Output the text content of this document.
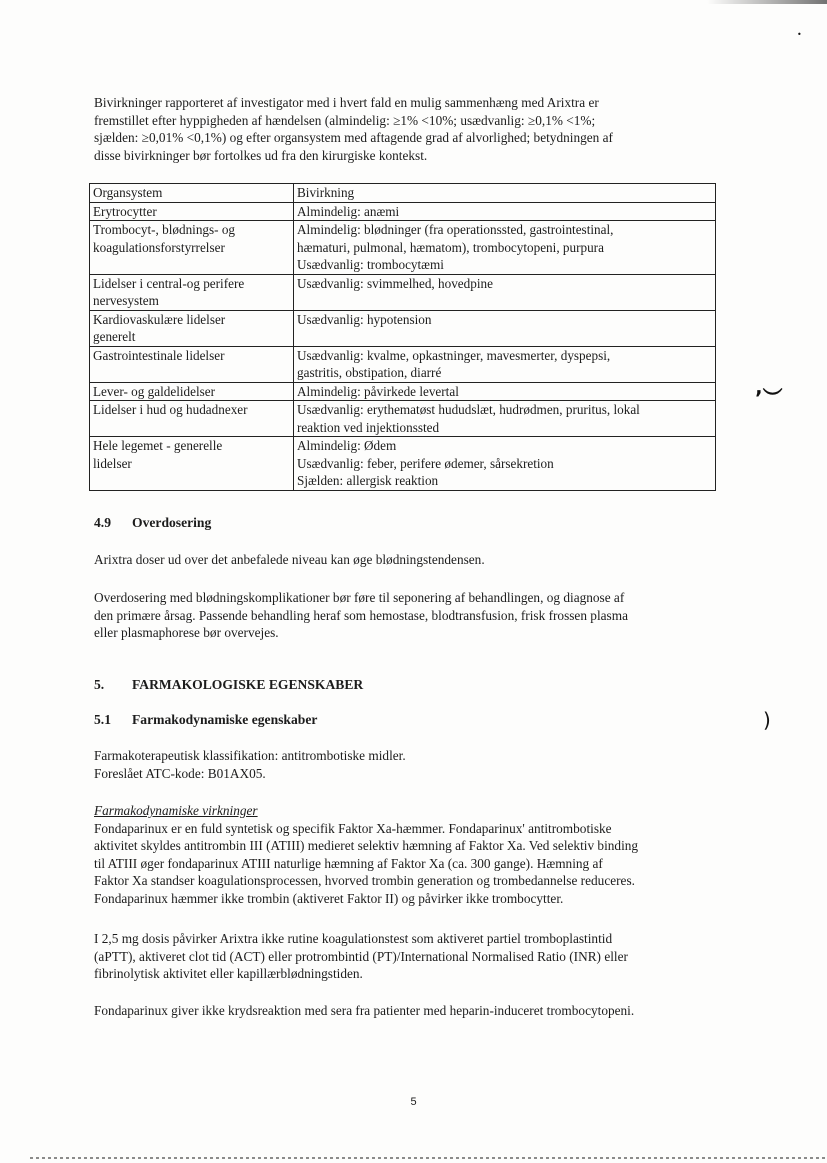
•
ʼ︶
)

Bivirkninger rapporteret af investigator med i hvert fald en mulig sammenhæng med Arixtra er
fremstillet efter hyppigheden af hændelsen (almindelig: ≥1% <10%; usædvanlig: ≥0,1% <1%;
sjælden: ≥0,01% <0,1%) og efter organsystem med aftagende grad af alvorlighed; betydningen af
disse bivirkninger bør fortolkes ud fra den kirurgiske kontekst.

Organsystem	Bivirkning

Erytrocytter	Almindelig: anæmi

Trombocyt-, blødnings- og
koagulationsforstyrrelser	Almindelig: blødninger (fra operationssted, gastrointestinal,
hæmaturi, pulmonal, hæmatom), trombocytopeni, purpura
Usædvanlig: trombocytæmi

Lidelser i central-og perifere
nervesystem	Usædvanlig: svimmelhed, hovedpine

Kardiovaskulære lidelser
generelt	Usædvanlig: hypotension

Gastrointestinale lidelser	Usædvanlig: kvalme, opkastninger, mavesmerter, dyspepsi,
gastritis, obstipation, diarré

Lever- og galdelidelser	Almindelig: påvirkede levertal

Lidelser i hud og hudadnexer	Usædvanlig: erythematøst hududslæt, hudrødmen, pruritus, lokal
reaktion ved injektionssted

Hele legemet - generelle
lidelser	Almindelig: Ødem
Usædvanlig: feber, perifere ødemer, sårsekretion
Sjælden: allergisk reaktion
4.9 Overdosering

Arixtra doser ud over det anbefalede niveau kan øge blødningstendensen.

Overdosering med blødningskomplikationer bør føre til seponering af behandlingen, og diagnose af
den primære årsag. Passende behandling heraf som hemostase, blodtransfusion, frisk frossen plasma
eller plasmaphorese bør overvejes.

5. FARMAKOLOGISKE EGENSKABER
5.1 Farmakodynamiske egenskaber

Farmakoterapeutisk klassifikation: antitrombotiske midler.
Foreslået ATC-kode: B01AX05.

Farmakodynamiske virkninger
Fondaparinux er en fuld syntetisk og specifik Faktor Xa-hæmmer. Fondaparinux' antitrombotiske
aktivitet skyldes antitrombin III (ATIII) medieret selektiv hæmning af Faktor Xa. Ved selektiv binding
til ATIII øger fondaparinux ATIII naturlige hæmning af Faktor Xa (ca. 300 gange). Hæmning af
Faktor Xa standser koagulationsprocessen, hvorved trombin generation og trombedannelse reduceres.
Fondaparinux hæmmer ikke trombin (aktiveret Faktor II) og påvirker ikke trombocytter.

I 2,5 mg dosis påvirker Arixtra ikke rutine koagulationstest som aktiveret partiel tromboplastintid
(aPTT), aktiveret clot tid (ACT) eller protrombintid (PT)/International Normalised Ratio (INR) eller
fibrinolytisk aktivitet eller kapillærblødningstiden.

Fondaparinux giver ikke krydsreaktion med sera fra patienter med heparin-induceret trombocytopeni.

5
